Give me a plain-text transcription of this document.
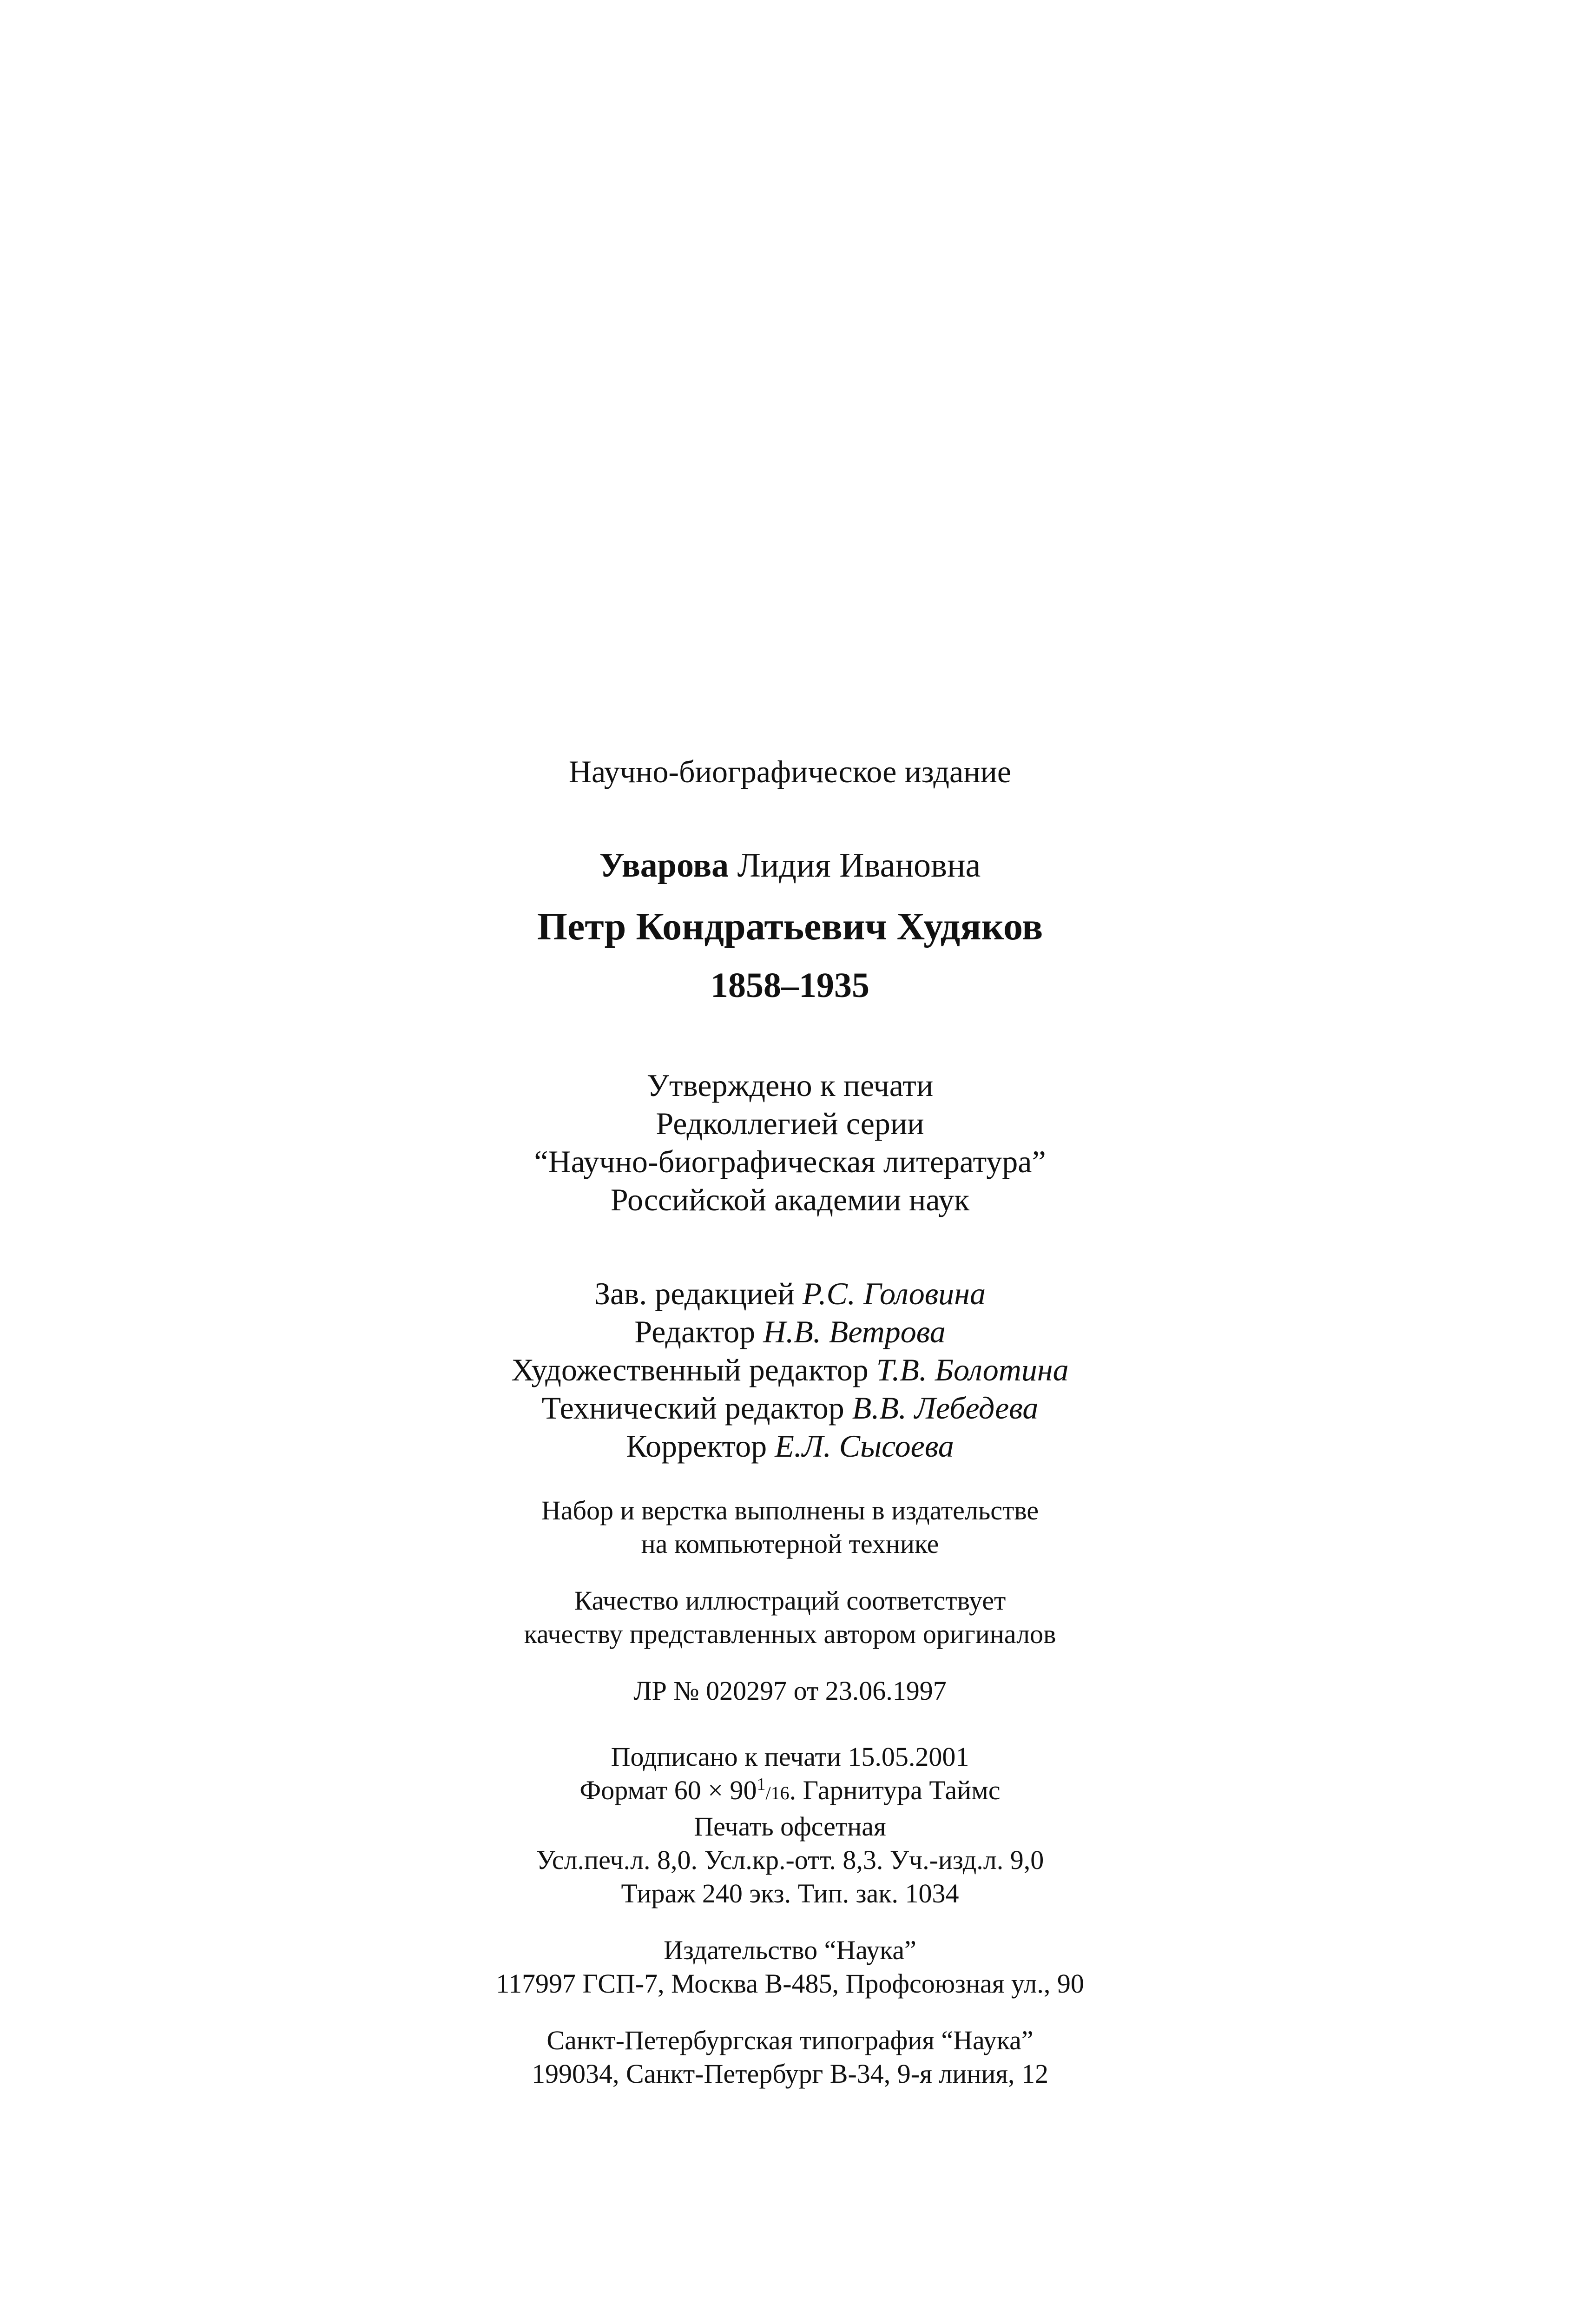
Научно-биографическое издание
Уварова Лидия Ивановна
Петр Кондратьевич Худяков
1858–1935
Утверждено к печати
Редколлегией серии
“Научно-биографическая литература”
Российской академии наук
Зав. редакцией Р.С. Головина
Редактор Н.В. Ветрова
Художественный редактор Т.В. Болотина
Технический редактор В.В. Лебедева
Корректор Е.Л. Сысоева
Набор и верстка выполнены в издательстве
на компьютерной технике
Качество иллюстраций соответствует
качеству представленных автором оригиналов
ЛР № 020297 от 23.06.1997
Подписано к печати 15.05.2001
Формат $60 \times 90^1/16$. Гарнитура Таймс
Печать офсетная
Усл.печ.л. 8,0. Усл.кр.-отт. 8,3. Уч.-изд.л. 9,0
Тираж 240 экз. Тип. зак. 1034
Издательство “Наука”
117997 ГСП-7, Москва В-485, Профсоюзная ул., 90
Санкт-Петербургская типография “Наука”
199034, Санкт-Петербург В-34, 9-я линия, 12
